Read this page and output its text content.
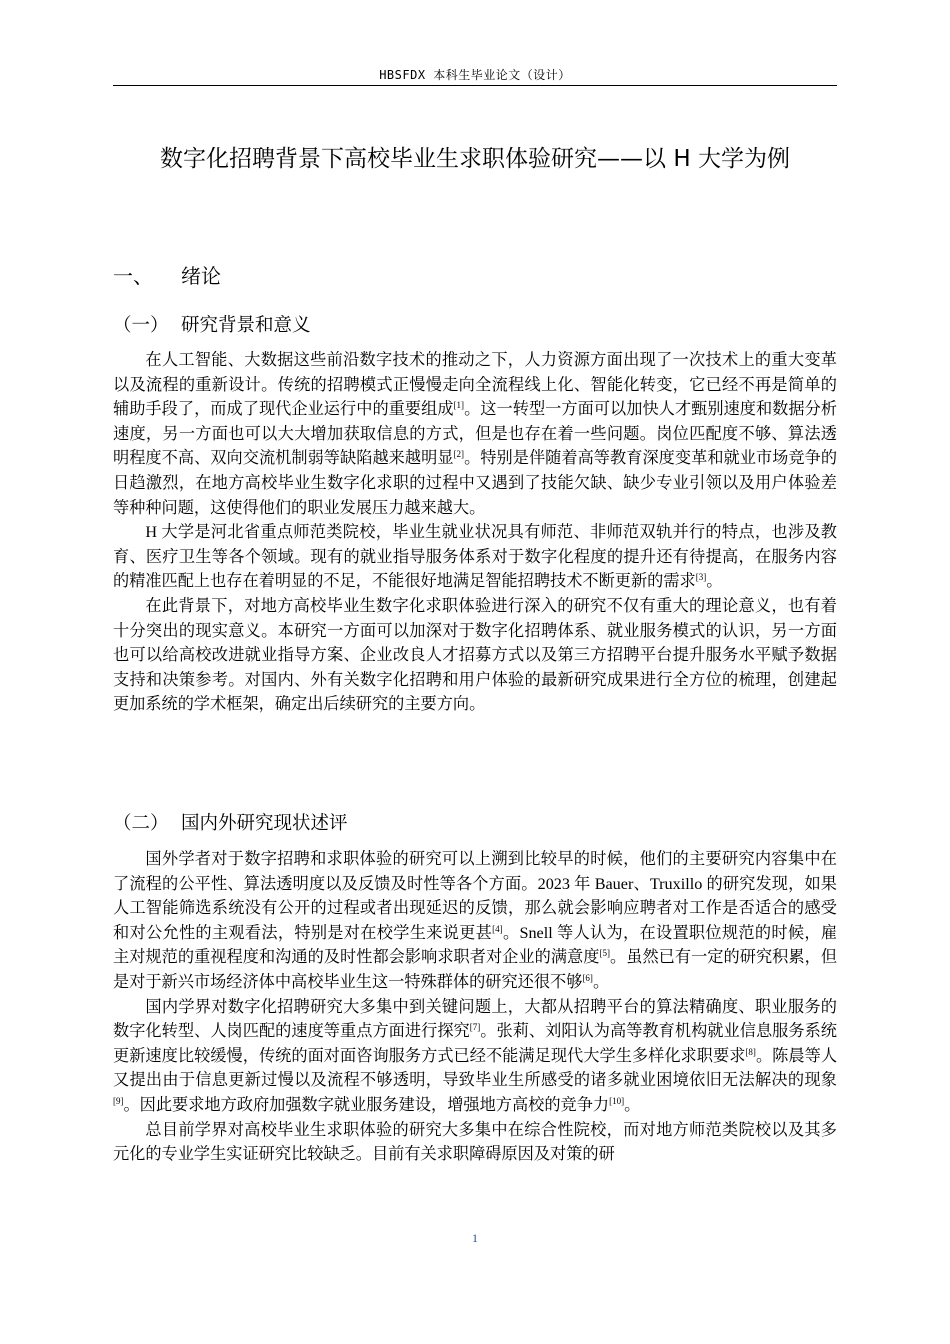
HBSFDX 本科生毕业论文（设计）
数字化招聘背景下高校毕业生求职体验研究——以 H 大学为例
一、 绪论
（一） 研究背景和意义

在人工智能、大数据这些前沿数字技术的推动之下，人力资源方面出现了一次技术上的重大变革以及流程的重新设计。传统的招聘模式正慢慢走向全流程线上化、智能化转变，它已经不再是简单的辅助手段了，而成了现代企业运行中的重要组成[1]。这一转型一方面可以加快人才甄别速度和数据分析速度，另一方面也可以大大增加获取信息的方式，但是也存在着一些问题。岗位匹配度不够、算法透明程度不高、双向交流机制弱等缺陷越来越明显[2]。特别是伴随着高等教育深度变革和就业市场竞争的日趋激烈，在地方高校毕业生数字化求职的过程中又遇到了技能欠缺、缺少专业引领以及用户体验差等种种问题，这使得他们的职业发展压力越来越大。

H 大学是河北省重点师范类院校，毕业生就业状况具有师范、非师范双轨并行的特点，也涉及教育、医疗卫生等各个领域。现有的就业指导服务体系对于数字化程度的提升还有待提高，在服务内容的精准匹配上也存在着明显的不足，不能很好地满足智能招聘技术不断更新的需求[3]。

在此背景下，对地方高校毕业生数字化求职体验进行深入的研究不仅有重大的理论意义，也有着十分突出的现实意义。本研究一方面可以加深对于数字化招聘体系、就业服务模式的认识，另一方面也可以给高校改进就业指导方案、企业改良人才招募方式以及第三方招聘平台提升服务水平赋予数据支持和决策参考。对国内、外有关数字化招聘和用户体验的最新研究成果进行全方位的梳理，创建起更加系统的学术框架，确定出后续研究的主要方向。

（二） 国内外研究现状述评

国外学者对于数字招聘和求职体验的研究可以上溯到比较早的时候，他们的主要研究内容集中在了流程的公平性、算法透明度以及反馈及时性等各个方面。2023 年 Bauer、Truxillo 的研究发现，如果人工智能筛选系统没有公开的过程或者出现延迟的反馈，那么就会影响应聘者对工作是否适合的感受和对公允性的主观看法，特别是对在校学生来说更甚[4]。Snell 等人认为，在设置职位规范的时候，雇主对规范的重视程度和沟通的及时性都会影响求职者对企业的满意度[5]。虽然已有一定的研究积累，但是对于新兴市场经济体中高校毕业生这一特殊群体的研究还很不够[6]。

国内学界对数字化招聘研究大多集中到关键问题上，大都从招聘平台的算法精确度、职业服务的数字化转型、人岗匹配的速度等重点方面进行探究[7]。张莉、刘阳认为高等教育机构就业信息服务系统更新速度比较缓慢，传统的面对面咨询服务方式已经不能满足现代大学生多样化求职要求[8]。陈晨等人又提出由于信息更新过慢以及流程不够透明，导致毕业生所感受的诸多就业困境依旧无法解决的现象[9]。因此要求地方政府加强数字就业服务建设，增强地方高校的竞争力[10]。

总目前学界对高校毕业生求职体验的研究大多集中在综合性院校，而对地方师范类院校以及其多元化的专业学生实证研究比较缺乏。目前有关求职障碍原因及对策的研

1
